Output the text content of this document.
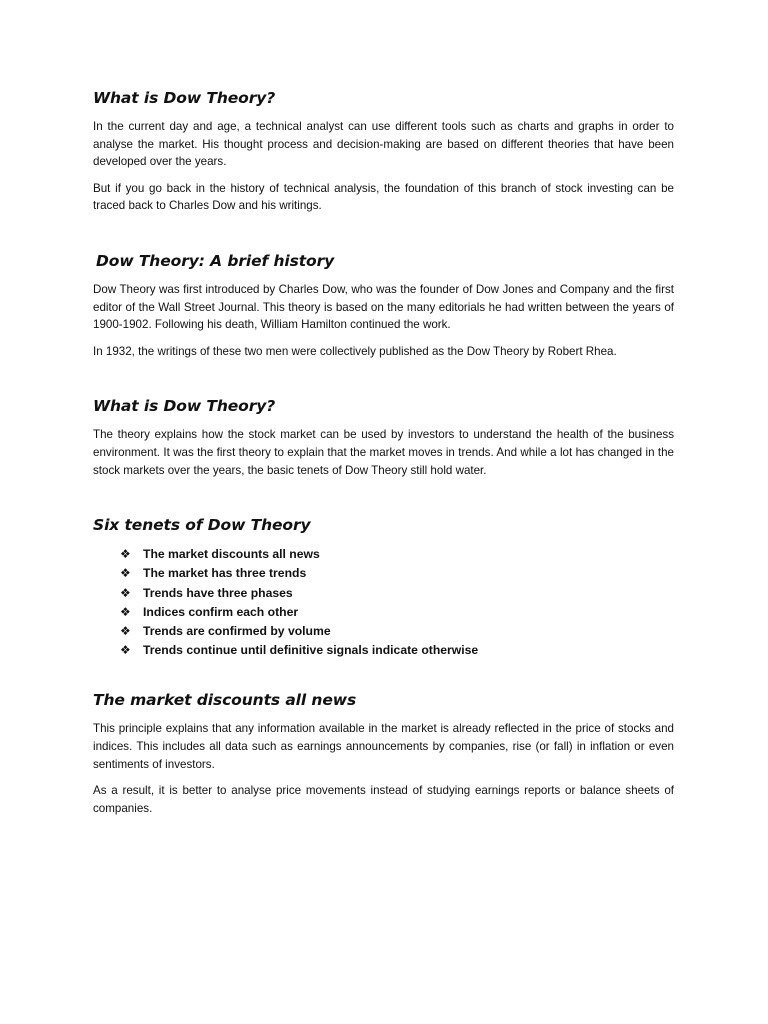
What is Dow Theory?

In the current day and age, a technical analyst can use different tools such as charts and graphs in order to analyse the market. His thought process and decision-making are based on different theories that have been developed over the years.

But if you go back in the history of technical analysis, the foundation of this branch of stock investing can be traced back to Charles Dow and his writings.

Dow Theory: A brief history

Dow Theory was first introduced by Charles Dow, who was the founder of Dow Jones and Company and the first editor of the Wall Street Journal. This theory is based on the many editorials he had written between the years of 1900-1902. Following his death, William Hamilton continued the work.

In 1932, the writings of these two men were collectively published as the Dow Theory by Robert Rhea.

What is Dow Theory?

The theory explains how the stock market can be used by investors to understand the health of the business environment. It was the first theory to explain that the market moves in trends. And while a lot has changed in the stock markets over the years, the basic tenets of Dow Theory still hold water.

Six tenets of Dow Theory
❖	The market discounts all news
❖	The market has three trends
❖	Trends have three phases
❖	Indices confirm each other
❖	Trends are confirmed by volume
❖	Trends continue until definitive signals indicate otherwise
The market discounts all news

This principle explains that any information available in the market is already reflected in the price of stocks and indices. This includes all data such as earnings announcements by companies, rise (or fall) in inflation or even sentiments of investors.

As a result, it is better to analyse price movements instead of studying earnings reports or balance sheets of companies.
